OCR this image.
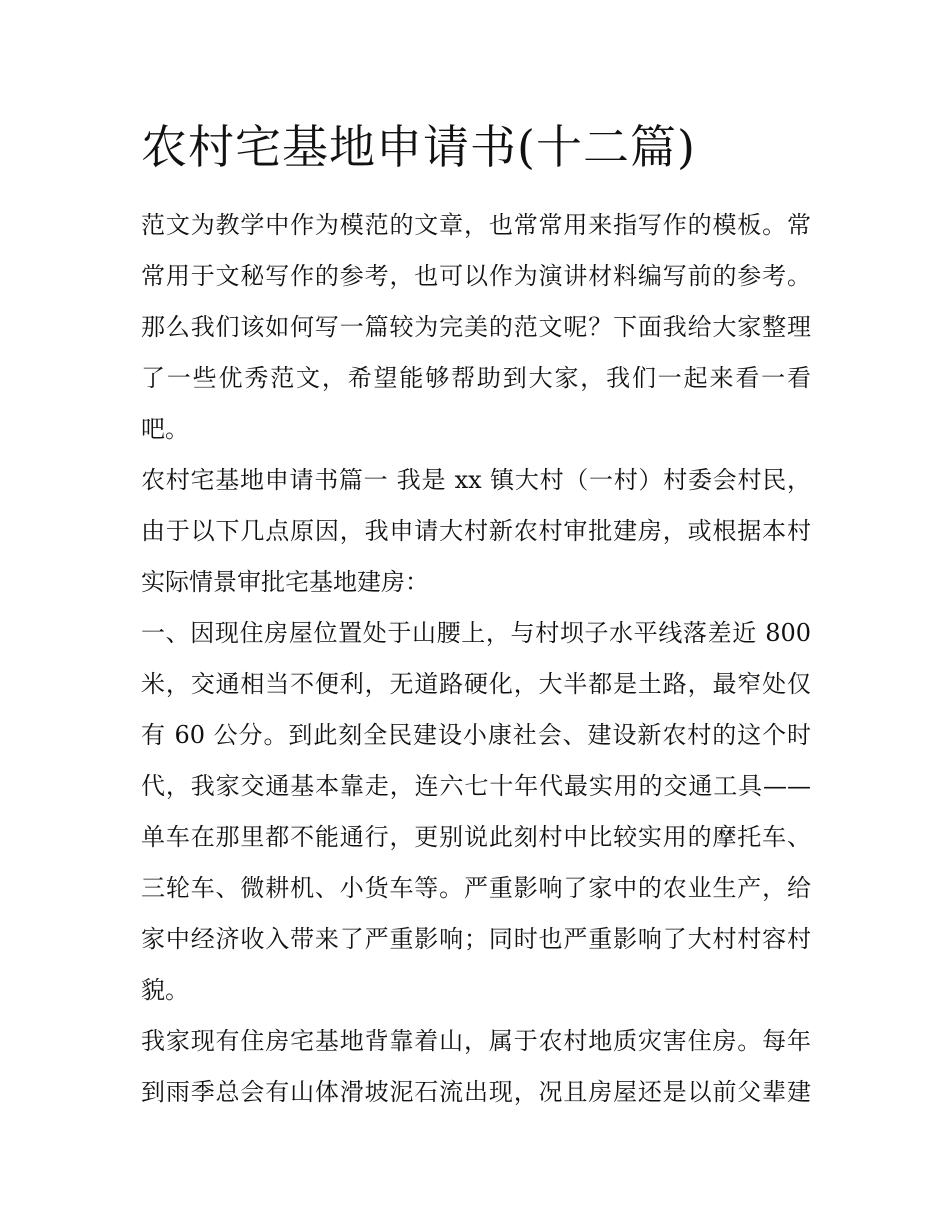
农村宅基地申请书(十二篇)
范文为教学中作为模范的文章，也常常用来指写作的模板。常
常用于文秘写作的参考，也可以作为演讲材料编写前的参考。
那么我们该如何写一篇较为完美的范文呢？下面我给大家整理
了一些优秀范文，希望能够帮助到大家，我们一起来看一看
吧。
农村宅基地申请书篇一 我是 xx 镇大村（一村）村委会村民，
由于以下几点原因，我申请大村新农村审批建房，或根据本村
实际情景审批宅基地建房：
一、因现住房屋位置处于山腰上，与村坝子水平线落差近 800
米，交通相当不便利，无道路硬化，大半都是土路，最窄处仅
有 60 公分。到此刻全民建设小康社会、建设新农村的这个时
代，我家交通基本靠走，连六七十年代最实用的交通工具——
单车在那里都不能通行，更别说此刻村中比较实用的摩托车、
三轮车、微耕机、小货车等。严重影响了家中的农业生产，给
家中经济收入带来了严重影响；同时也严重影响了大村村容村
貌。
我家现有住房宅基地背靠着山，属于农村地质灾害住房。每年
到雨季总会有山体滑坡泥石流出现，况且房屋还是以前父辈建
